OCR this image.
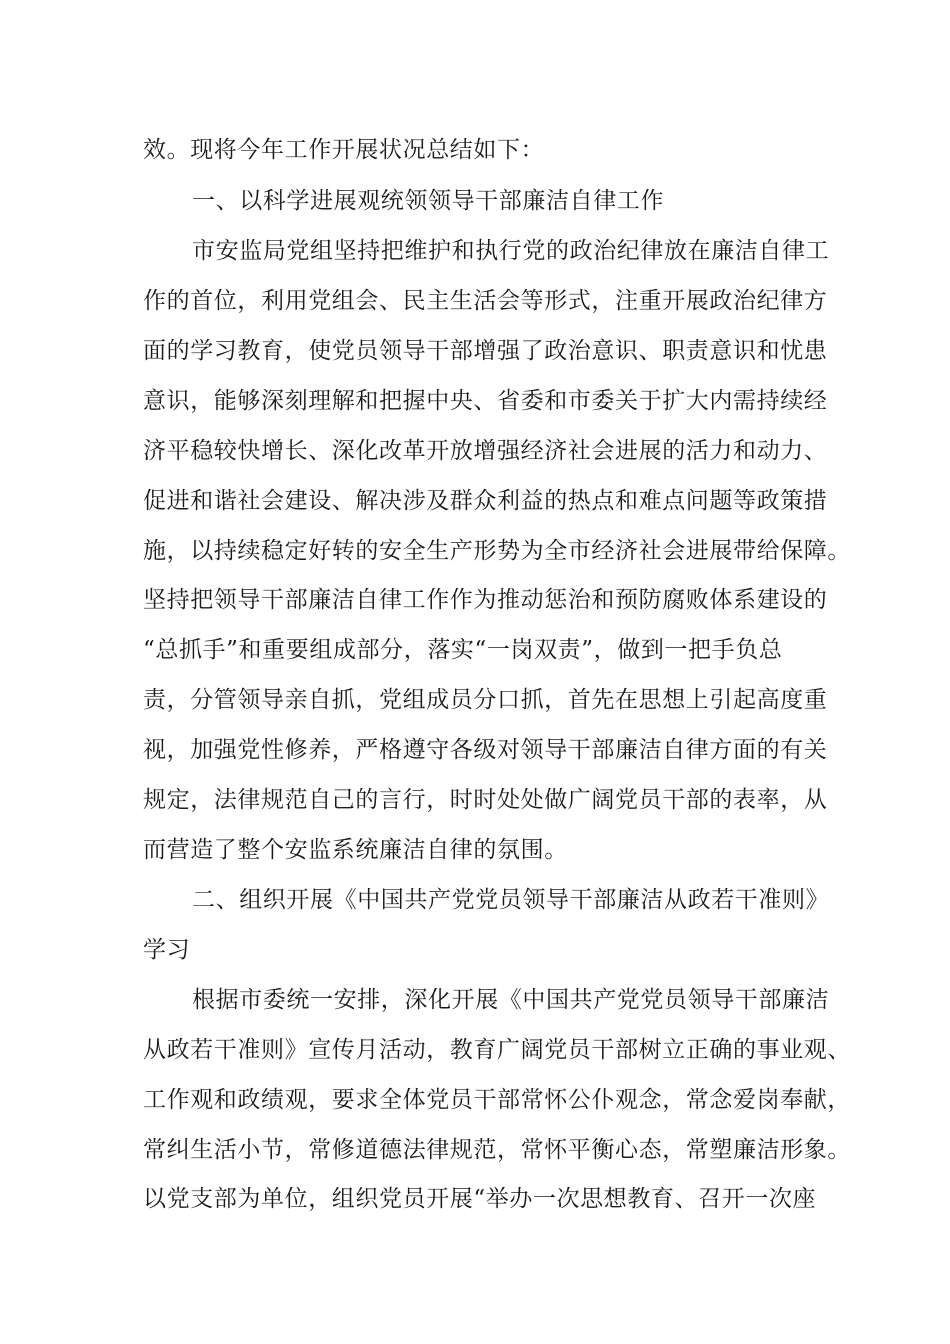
效。现将今年工作开展状况总结如下：
一、以科学进展观统领领导干部廉洁自律工作
市安监局党组坚持把维护和执行党的政治纪律放在廉洁自律工
作的首位，利用党组会、民主生活会等形式，注重开展政治纪律方
面的学习教育，使党员领导干部增强了政治意识、职责意识和忧患
意识，能够深刻理解和把握中央、省委和市委关于扩大内需持续经
济平稳较快增长、深化改革开放增强经济社会进展的活力和动力、
促进和谐社会建设、解决涉及群众利益的热点和难点问题等政策措
施，以持续稳定好转的安全生产形势为全市经济社会进展带给保障。
坚持把领导干部廉洁自律工作作为推动惩治和预防腐败体系建设的
“总抓手”和重要组成部分，落实“一岗双责”，做到一把手负总
责，分管领导亲自抓，党组成员分口抓，首先在思想上引起高度重
视，加强党性修养，严格遵守各级对领导干部廉洁自律方面的有关
规定，法律规范自己的言行，时时处处做广阔党员干部的表率，从
而营造了整个安监系统廉洁自律的氛围。
二、组织开展《中国共产党党员领导干部廉洁从政若干准则》
学习
根据市委统一安排，深化开展《中国共产党党员领导干部廉洁
从政若干准则》宣传月活动，教育广阔党员干部树立正确的事业观、
工作观和政绩观，要求全体党员干部常怀公仆观念，常念爱岗奉献，
常纠生活小节，常修道德法律规范，常怀平衡心态，常塑廉洁形象。
以党支部为单位，组织党员开展“举办一次思想教育、召开一次座
